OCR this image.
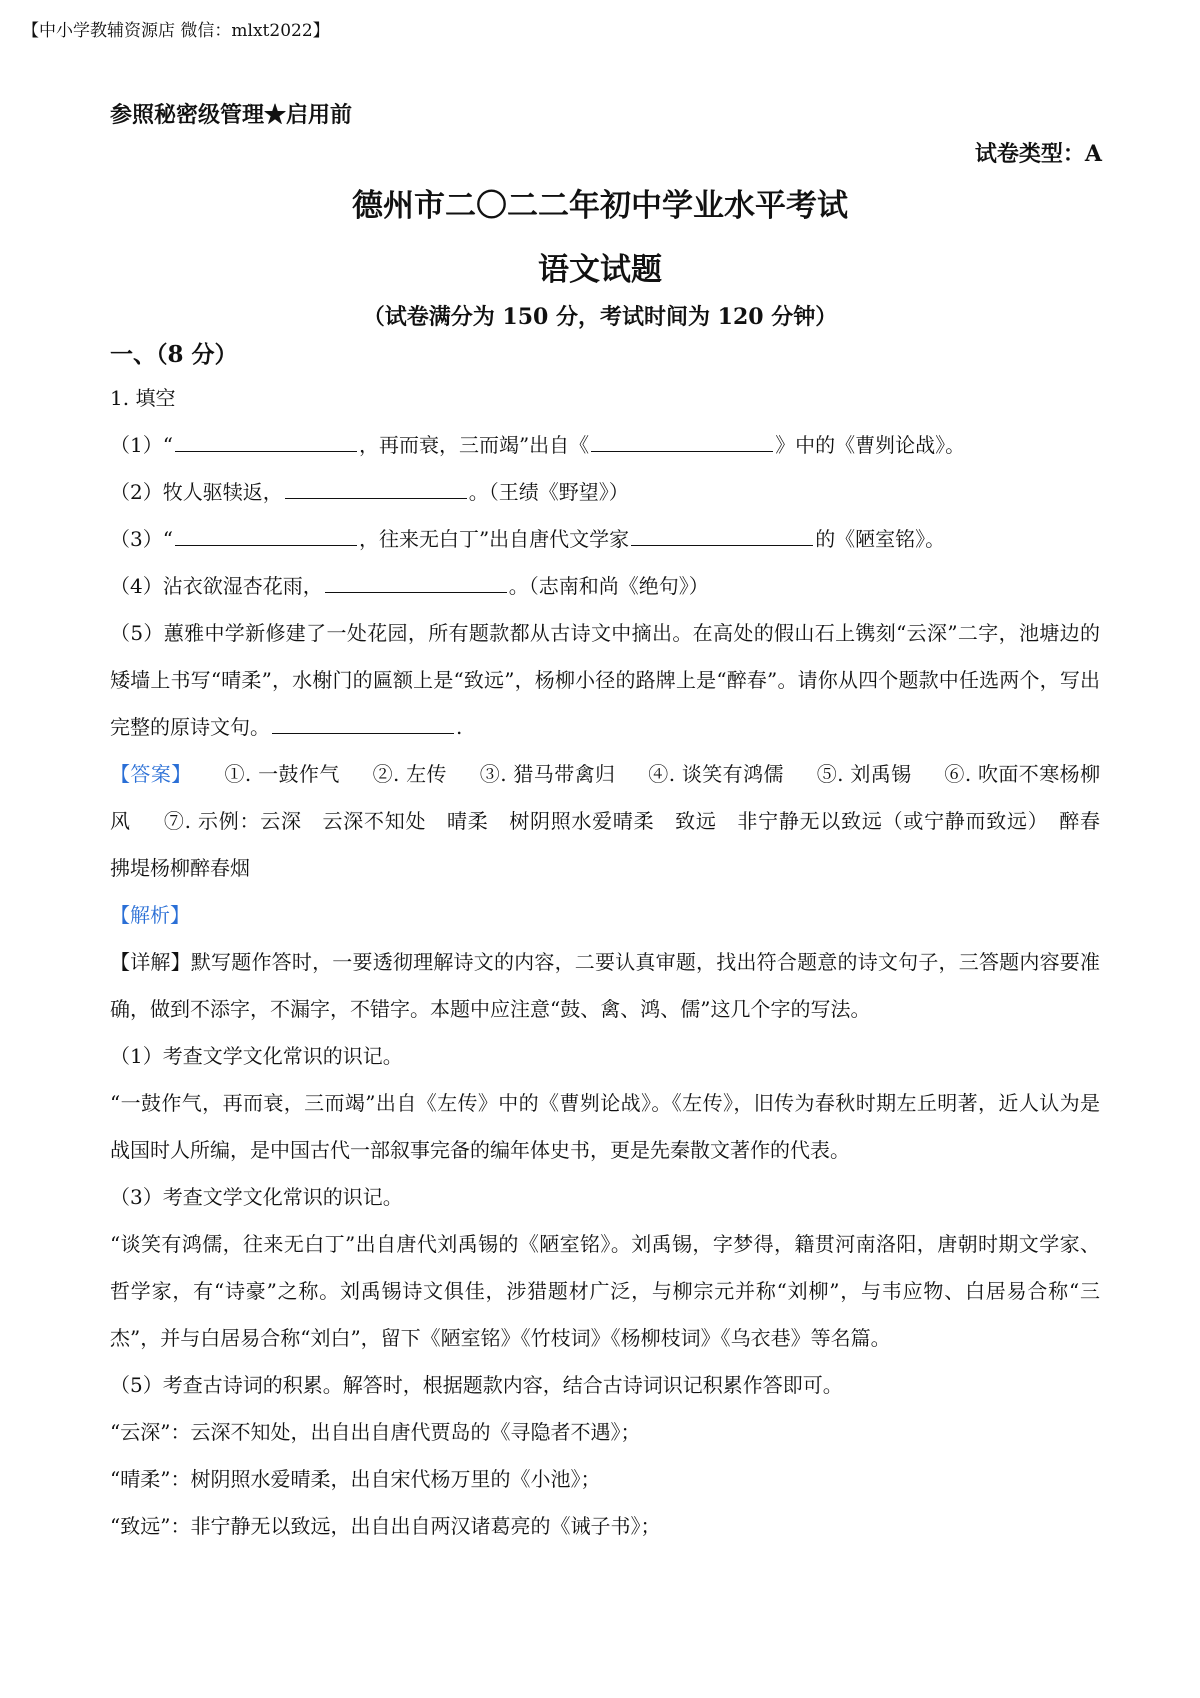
【中小学教辅资源店 微信：mlxt2022】
参照秘密级管理★启用前
试卷类型：A
德州市二〇二二年初中学业水平考试
语文试题
（试卷满分为 150 分，考试时间为 120 分钟）
一、（8 分）
1. 填空
（1）“	，再而衰，三而竭”出自《	》中的《曹刿论战》。
（2）牧人驱犊返，	。（王绩《野望》）
（3）“	，往来无白丁”出自唐代文学家	的《陋室铭》。
（4）沾衣欲湿杏花雨，	。（志南和尚《绝句》）
（5）蕙雅中学新修建了一处花园，所有题款都从古诗文中摘出。在高处的假山石上镌刻“云深”二字，池塘边的矮墙上书写“晴柔”，水榭门的匾额上是“致远”，杨柳小径的路牌上是“醉春”。请你从四个题款中任选两个，写出完整的原诗文句。	.
【答案】 ①. 一鼓作气 ②. 左传 ③. 猎马带禽归 ④. 谈笑有鸿儒 ⑤. 刘禹锡 ⑥. 吹面不寒杨柳风 ⑦. 示例：云深　云深不知处　晴柔　树阴照水爱晴柔　致远　非宁静无以致远（或宁静而致远）　醉春　拂堤杨柳醉春烟
【解析】
【详解】默写题作答时，一要透彻理解诗文的内容，二要认真审题，找出符合题意的诗文句子，三答题内容要准确，做到不添字，不漏字，不错字。本题中应注意“鼓、禽、鸿、儒”这几个字的写法。
（1）考查文学文化常识的识记。
“一鼓作气，再而衰，三而竭”出自《左传》中的《曹刿论战》。《左传》，旧传为春秋时期左丘明著，近人认为是战国时人所编，是中国古代一部叙事完备的编年体史书，更是先秦散文著作的代表。
（3）考查文学文化常识的识记。
“谈笑有鸿儒，往来无白丁”出自唐代刘禹锡的《陋室铭》。刘禹锡，字梦得，籍贯河南洛阳，唐朝时期文学家、哲学家，有“诗豪”之称。刘禹锡诗文俱佳，涉猎题材广泛，与柳宗元并称“刘柳”，与韦应物、白居易合称“三杰”，并与白居易合称“刘白”，留下《陋室铭》《竹枝词》《杨柳枝词》《乌衣巷》等名篇。
（5）考查古诗词的积累。解答时，根据题款内容，结合古诗词识记积累作答即可。
“云深”：云深不知处，出自出自唐代贾岛的《寻隐者不遇》；
“晴柔”：树阴照水爱晴柔，出自宋代杨万里的《小池》；
“致远”：非宁静无以致远，出自出自两汉诸葛亮的《诫子书》；
